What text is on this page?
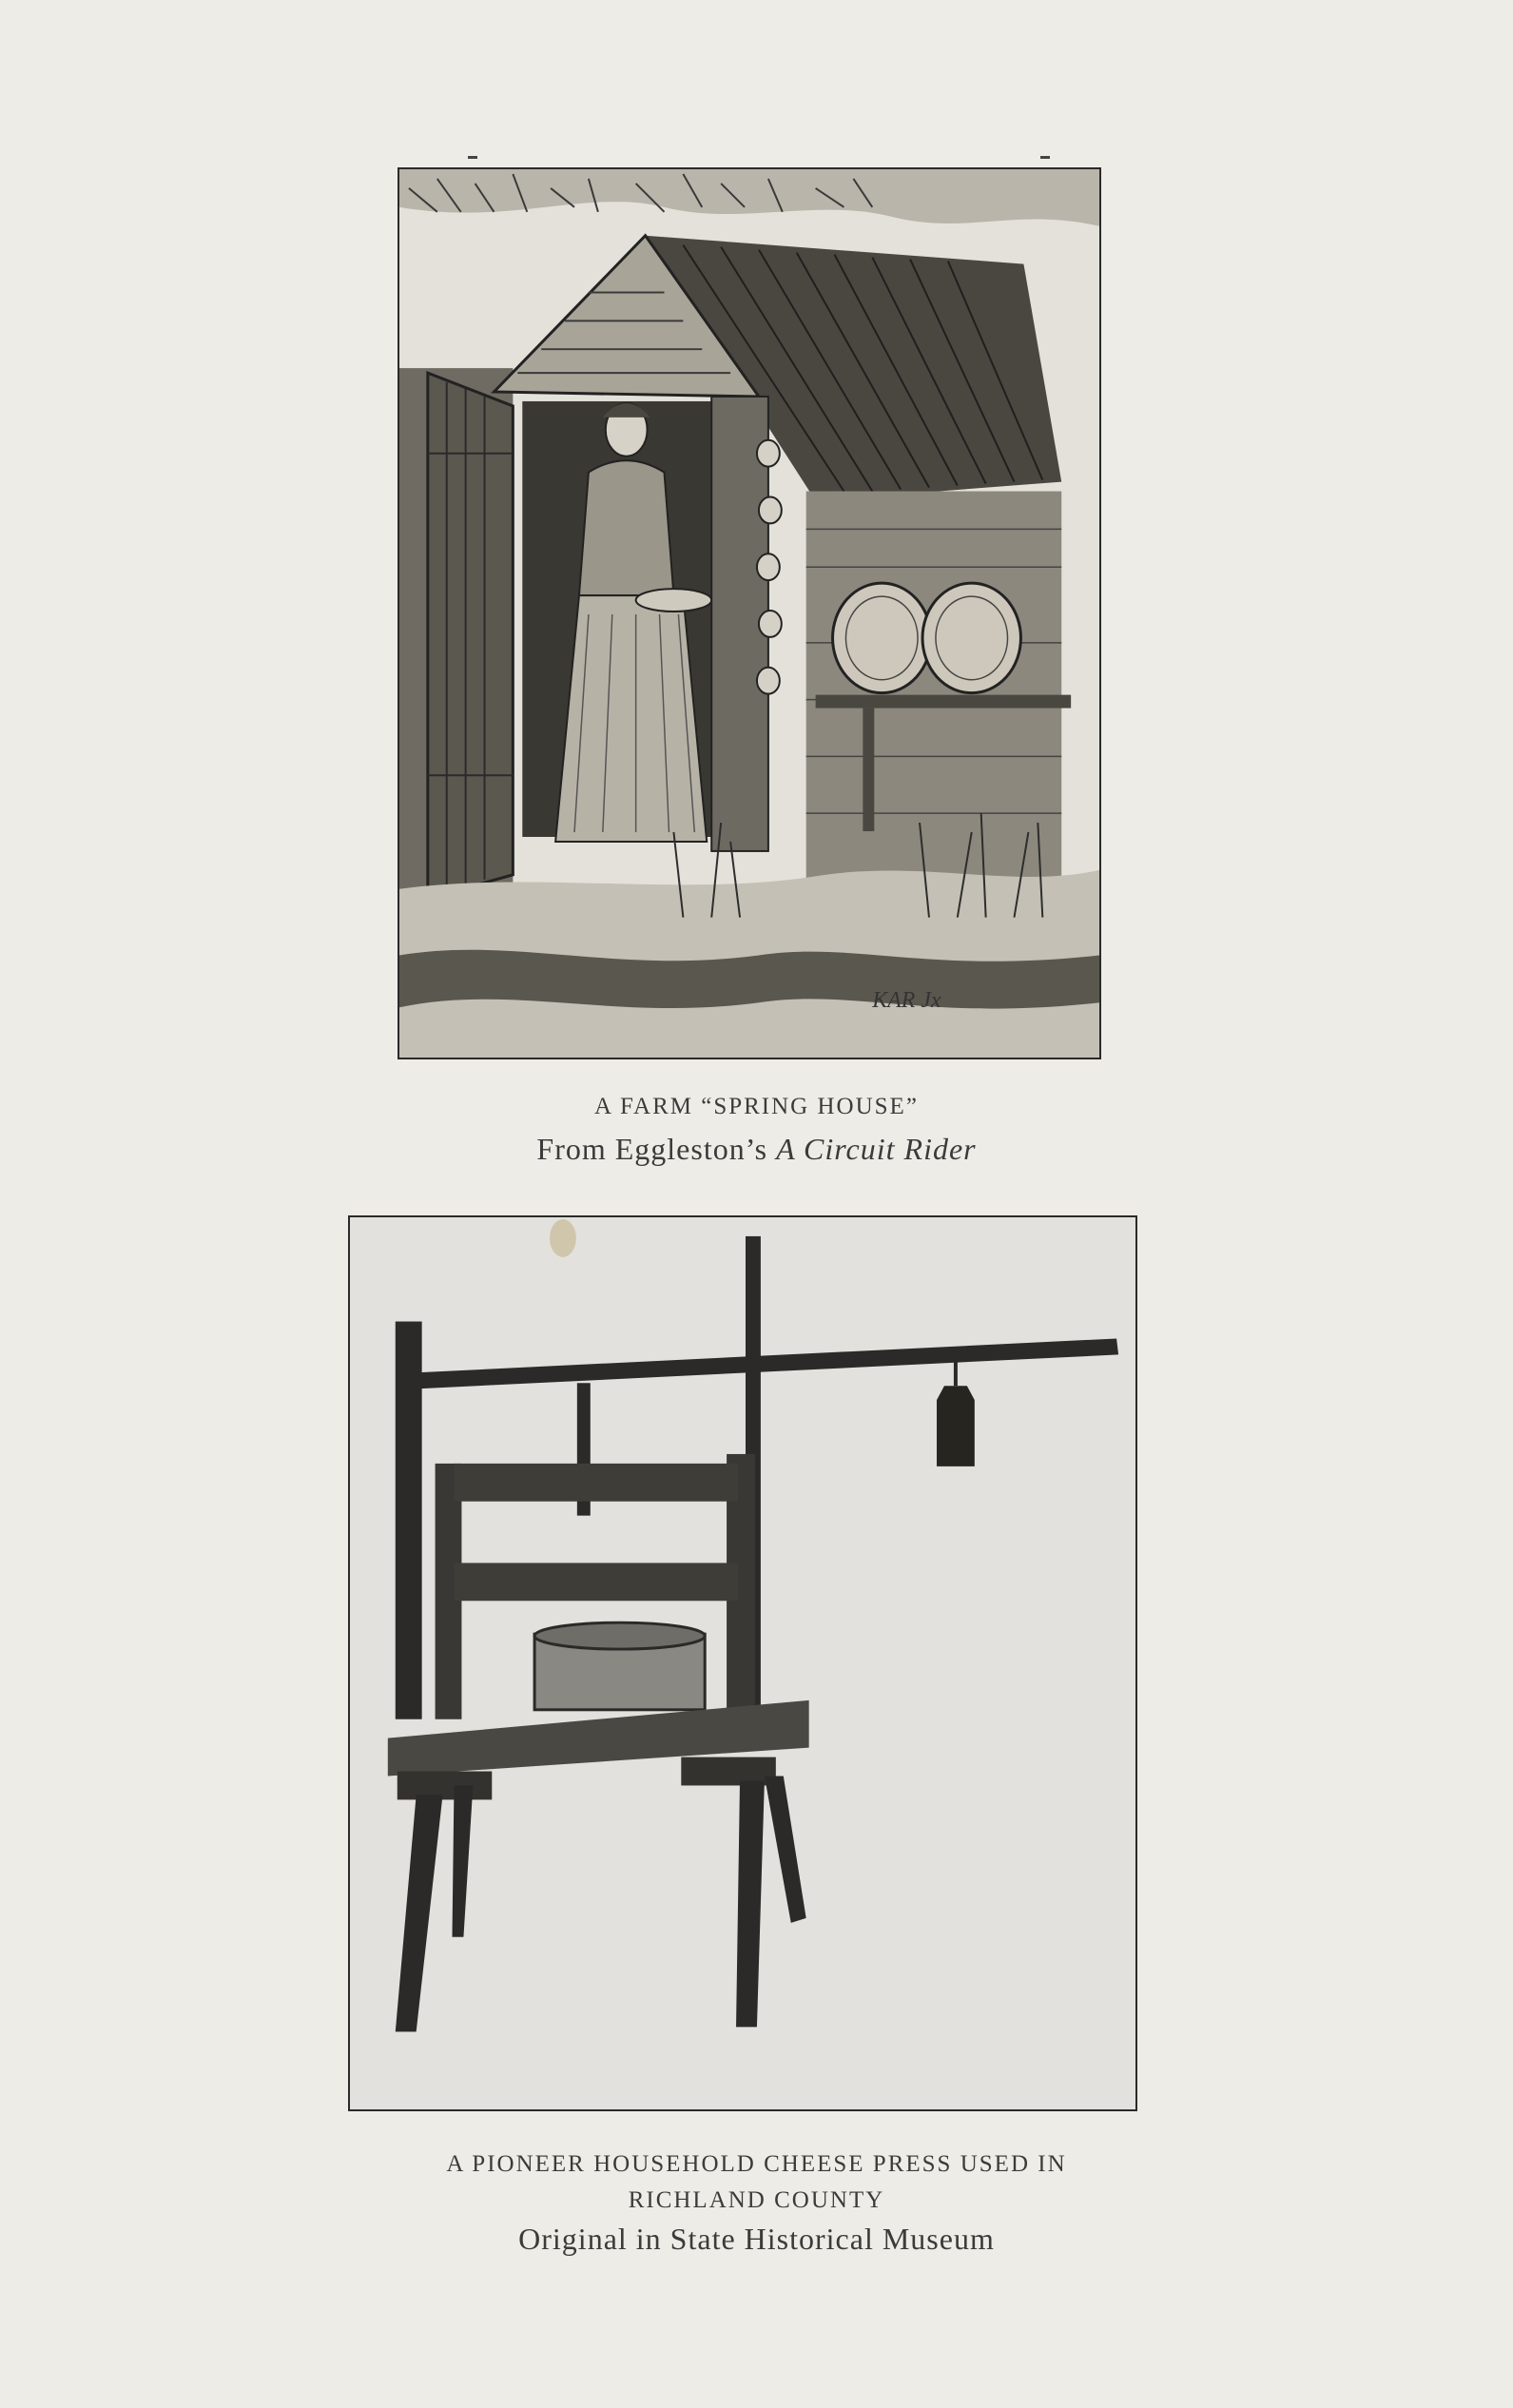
KAR Jx
A FARM “SPRING HOUSE”
From Eggleston’s A Circuit Rider
A PIONEER HOUSEHOLD CHEESE PRESS USED IN
RICHLAND COUNTY
Original in State Historical Museum
